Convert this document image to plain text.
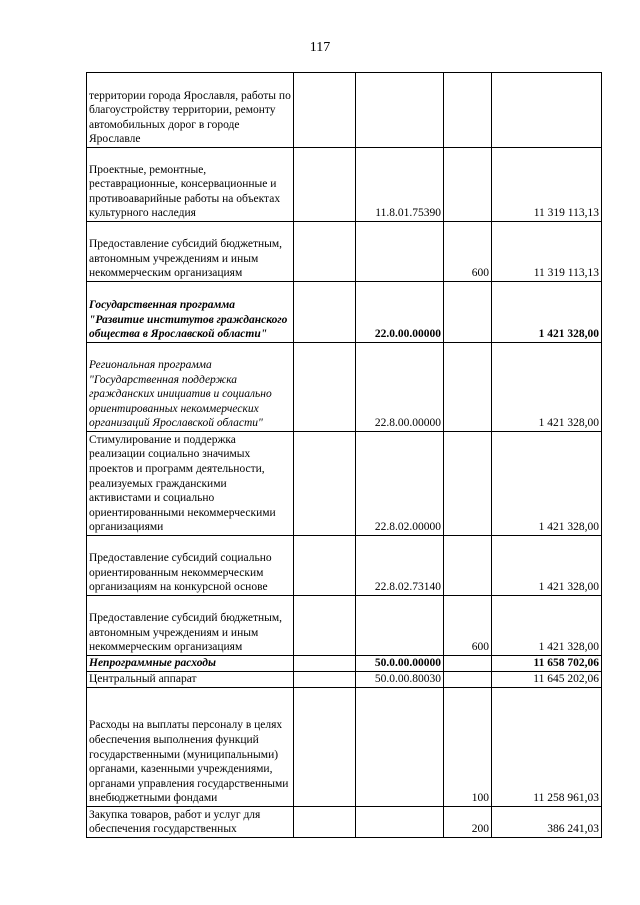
117
территории города Ярославля, работы по благоустройству территории, ремонту автомобильных дорог в городе Ярославле				
Проектные, ремонтные, реставрационные, консервационные и противоаварийные работы на объектах культурного наследия		11.8.01.75390		11 319 113,13
Предоставление субсидий бюджетным, автономным учреждениям и иным некоммерческим организациям			600	11 319 113,13
Государственная программа "Развитие институтов гражданского общества в Ярославской области"		22.0.00.00000		1 421 328,00
Региональная программа "Государственная поддержка гражданских инициатив и социально ориентированных некоммерческих организаций Ярославской области"		22.8.00.00000		1 421 328,00
Стимулирование и поддержка реализации социально значимых проектов и программ деятельности, реализуемых гражданскими активистами и социально ориентированными некоммерческими организациями		22.8.02.00000		1 421 328,00
Предоставление субсидий социально ориентированным некоммерческим организациям на конкурсной основе		22.8.02.73140		1 421 328,00
Предоставление субсидий бюджетным, автономным учреждениям и иным некоммерческим организациям			600	1 421 328,00
Непрограммные расходы		50.0.00.00000		11 658 702,06
Центральный аппарат		50.0.00.80030		11 645 202,06
Расходы на выплаты персоналу в целях обеспечения выполнения функций государственными (муниципальными) органами, казенными учреждениями, органами управления государственными внебюджетными фондами			100	11 258 961,03
Закупка товаров, работ и услуг для обеспечения государственных			200	386 241,03
